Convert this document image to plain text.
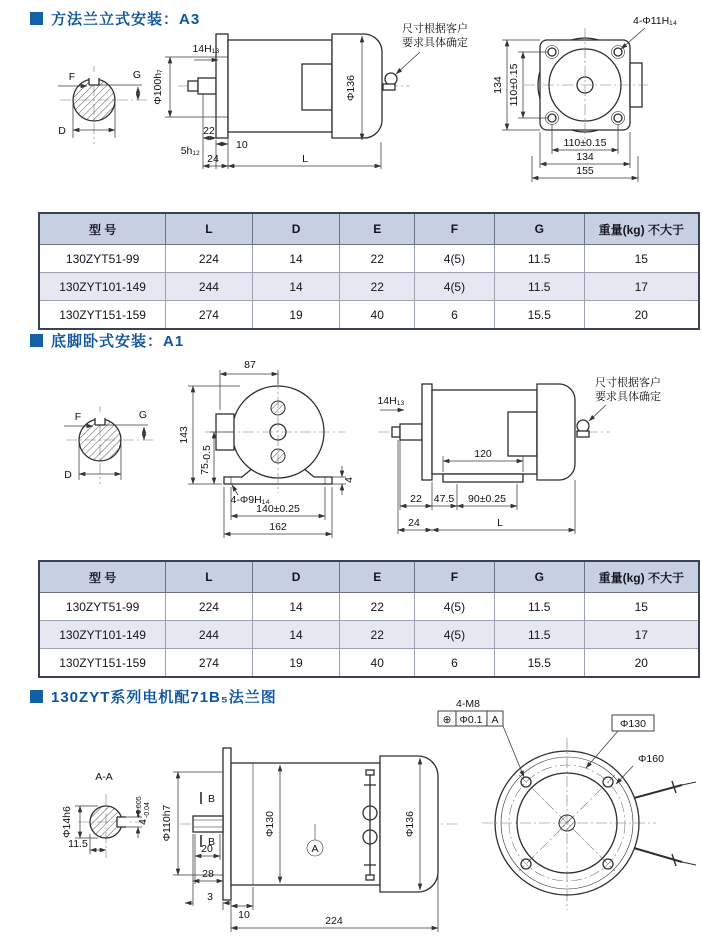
方法兰立式安装：A3
F	G
D
Φ136
Φ100h₇
14H₁₃
22
5h₁₂	10
24	L
尺寸根据客户
要求具体确定
134 110±0.15
110±0.15
134
155
4-Φ11H₁₄
型 号	L	D	E	F	G	重量(kg) 不大于
130ZYT51-99	224	14	22	4(5)	11.5	15
130ZYT101-149	244	14	22	4(5)	11.5	17
130ZYT151-159	274	19	40	6	15.5	20
底脚卧式安装：A1
F	G
D
87
143
75-0.5
4
4-Φ9H₁₄
140±0.25
162
14H₁₃
120
22 47.5 90±0.25
24	L
尺寸根据客户
要求具体确定
型 号	L	D	E	F	G	重量(kg) 不大于
130ZYT51-99	224	14	22	4(5)	11.5	15
130ZYT101-149	244	14	22	4(5)	11.5	17
130ZYT151-159	274	19	40	6	15.5	20
130ZYT系列电机配71B₅法兰图
A-A
Φ14h6	4
+0.005 -0.04
11.5
B
B
Φ110h7	Φ130
A
Φ136
20
28
3
10	224
4-M8
⊕ Φ0.1 A	Φ130
Φ160
